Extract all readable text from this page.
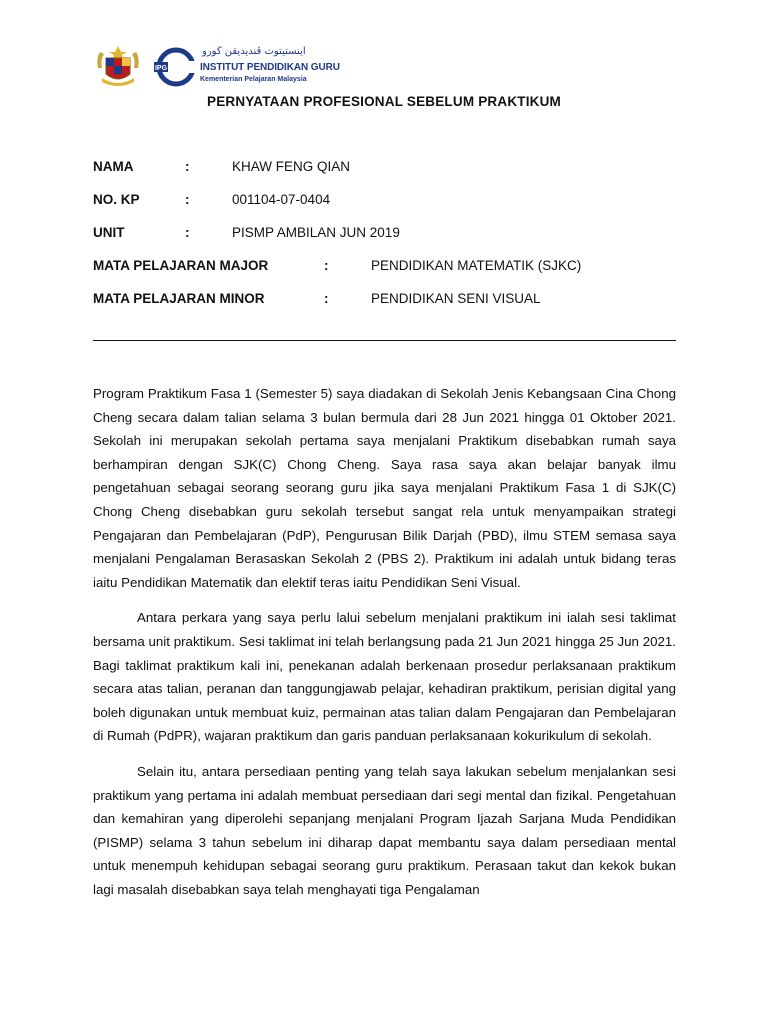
IPG
اينستيتوت ڤنديديقن ڬورو
INSTITUT PENDIDIKAN GURU
Kementerian Pelajaran Malaysia
PERNYATAAN PROFESIONAL SEBELUM PRAKTIKUM
NAMA	:	KHAW FENG QIAN
NO. KP	:	001104-07-0404
UNIT	:	PISMP AMBILAN JUN 2019
MATA PELAJARAN MAJOR	:	PENDIDIKAN MATEMATIK (SJKC)
MATA PELAJARAN MINOR	:	PENDIDIKAN SENI VISUAL

Program Praktikum Fasa 1 (Semester 5) saya diadakan di Sekolah Jenis Kebangsaan Cina Chong Cheng secara dalam talian selama 3 bulan bermula dari 28 Jun 2021 hingga 01 Oktober 2021. Sekolah ini merupakan sekolah pertama saya menjalani Praktikum disebabkan rumah saya berhampiran dengan SJK(C) Chong Cheng. Saya rasa saya akan belajar banyak ilmu pengetahuan sebagai seorang seorang guru jika saya menjalani Praktikum Fasa 1 di SJK(C) Chong Cheng disebabkan guru sekolah tersebut sangat rela untuk menyampaikan strategi Pengajaran dan Pembelajaran (PdP), Pengurusan Bilik Darjah (PBD), ilmu STEM semasa saya menjalani Pengalaman Berasaskan Sekolah 2 (PBS 2). Praktikum ini adalah untuk bidang teras iaitu Pendidikan Matematik dan elektif teras iaitu Pendidikan Seni Visual.

Antara perkara yang saya perlu lalui sebelum menjalani praktikum ini ialah sesi taklimat bersama unit praktikum. Sesi taklimat ini telah berlangsung pada 21 Jun 2021 hingga 25 Jun 2021. Bagi taklimat praktikum kali ini, penekanan adalah berkenaan prosedur perlaksanaan praktikum secara atas talian, peranan dan tanggungjawab pelajar, kehadiran praktikum, perisian digital yang boleh digunakan untuk membuat kuiz, permainan atas talian dalam Pengajaran dan Pembelajaran di Rumah (PdPR), wajaran praktikum dan garis panduan perlaksanaan kokurikulum di sekolah.

Selain itu, antara persediaan penting yang telah saya lakukan sebelum menjalankan sesi praktikum yang pertama ini adalah membuat persediaan dari segi mental dan fizikal. Pengetahuan dan kemahiran yang diperolehi sepanjang menjalani Program Ijazah Sarjana Muda Pendidikan (PISMP) selama 3 tahun sebelum ini diharap dapat membantu saya dalam persediaan mental untuk menempuh kehidupan sebagai seorang guru praktikum. Perasaan takut dan kekok bukan lagi masalah disebabkan saya telah menghayati tiga Pengalaman
